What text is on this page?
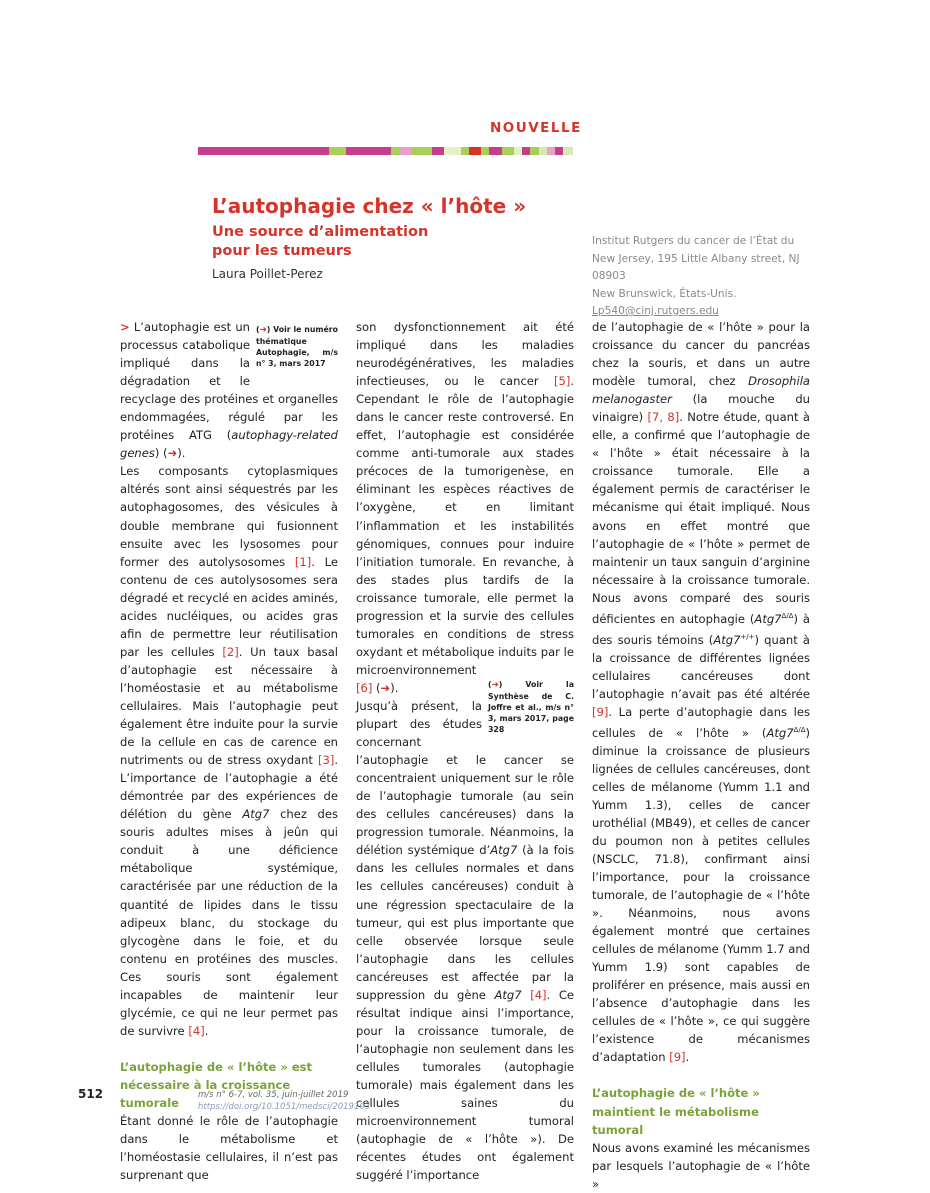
NOUVELLE
L’autophagie chez « l’hôte »
Une source d’alimentation pour les tumeurs
Laura Poillet-Perez
Institut Rutgers du cancer de l’État du
New Jersey, 195 Little Albany street, NJ 08903
New Brunswick, États-Unis.
Lp540@cinj.rutgers.edu

(➜) Voir le numéro thématique Autophagie, m/s n° 3, mars 2017
> L’autophagie est un processus catabolique impliqué dans la dégradation et le recyclage des protéines et organelles endommagées, régulé par les protéines ATG (autophagy-related genes) (➜).

Les composants cytoplasmiques altérés sont ainsi séquestrés par les autophagosomes, des vésicules à double membrane qui fusionnent ensuite avec les lysosomes pour former des autolysosomes [1]. Le contenu de ces autolysosomes sera dégradé et recyclé en acides aminés, acides nucléiques, ou acides gras afin de permettre leur réutilisation par les cellules [2]. Un taux basal d’autophagie est nécessaire à l’homéostasie et au métabolisme cellulaires. Mais l’autophagie peut également être induite pour la survie de la cellule en cas de carence en nutriments ou de stress oxydant [3]. L’importance de l’autophagie a été démontrée par des expériences de délétion du gène Atg7 chez des souris adultes mises à jeûn qui conduit à une déficience métabolique systémique, caractérisée par une réduction de la quantité de lipides dans le tissu adipeux blanc, du stockage du glycogène dans le foie, et du contenu en protéines des muscles. Ces souris sont également incapables de maintenir leur glycémie, ce qui ne leur permet pas de survivre [4].

L’autophagie de « l’hôte » est nécessaire à la croissance tumorale

Étant donné le rôle de l’autophagie dans le métabolisme et l’homéostasie cellulaires, il n’est pas surprenant que

son dysfonctionnement ait été impliqué dans les maladies neurodégénératives, les maladies infectieuses, ou le cancer [5]. Cependant le rôle de l’autophagie dans le cancer reste controversé. En effet, l’autophagie est considérée comme anti-tumorale aux stades précoces de la tumorigenèse, en éliminant les espèces réactives de l’oxygène, et en limitant l’inflammation et les instabilités génomiques, connues pour induire l’initiation tumorale. En revanche, à des stades plus tardifs de la croissance tumorale, elle permet la progression et la survie des cellules tumorales en conditions de stress oxydant et métabolique induits par le microenvironnement

(➜) Voir la Synthèse de C. Joffre et al., m/s n° 3, mars 2017, page 328
[6] (➜).

Jusqu’à présent, la plupart des études concernant l’autophagie et le cancer se concentraient uniquement sur le rôle de l’autophagie tumorale (au sein des cellules cancéreuses) dans la progression tumorale. Néanmoins, la délétion systémique d’Atg7 (à la fois dans les cellules normales et dans les cellules cancéreuses) conduit à une régression spectaculaire de la tumeur, qui est plus importante que celle observée lorsque seule l’autophagie dans les cellules cancéreuses est affectée par la suppression du gène Atg7 [4]. Ce résultat indique ainsi l’importance, pour la croissance tumorale, de l’autophagie non seulement dans les cellules tumorales (autophagie tumorale) mais également dans les cellules saines du microenvironnement tumoral (autophagie de « l’hôte »). De récentes études ont également suggéré l’importance

de l’autophagie de « l’hôte » pour la croissance du cancer du pancréas chez la souris, et dans un autre modèle tumoral, chez Drosophila melanogaster (la mouche du vinaigre) [7, 8]. Notre étude, quant à elle, a confirmé que l’autophagie de « l’hôte » était nécessaire à la croissance tumorale. Elle a également permis de caractériser le mécanisme qui était impliqué. Nous avons en effet montré que l’autophagie de « l’hôte » permet de maintenir un taux sanguin d’arginine nécessaire à la croissance tumorale. Nous avons comparé des souris déficientes en autophagie $(Atg7^{\Delta/\Delta})$ à des souris témoins (Atg7+/+) quant à la croissance de différentes lignées cellulaires cancéreuses dont l’autophagie n’avait pas été altérée [9]. La perte d’autophagie dans les cellules de « l’hôte » $(Atg7^{\Delta/\Delta})$ diminue la croissance de plusieurs lignées de cellules cancéreuses, dont celles de mélanome (Yumm 1.1 and Yumm 1.3), celles de cancer urothélial (MB49), et celles de cancer du poumon non à petites cellules (NSCLC, 71.8), confirmant ainsi l’importance, pour la croissance tumorale, de l’autophagie de « l’hôte ». Néanmoins, nous avons également montré que certaines cellules de mélanome (Yumm 1.7 and Yumm 1.9) sont capables de proliférer en présence, mais aussi en l’absence d’autophagie dans les cellules de « l’hôte », ce qui suggère l’existence de mécanismes d’adaptation [9].

L’autophagie de « l’hôte » maintient le métabolisme tumoral

Nous avons examiné les mécanismes par lesquels l’autophagie de « l’hôte »

512	m/s n° 6-7, vol. 35, juin-juillet 2019
https://doi.org/10.1051/medsci/2019103
